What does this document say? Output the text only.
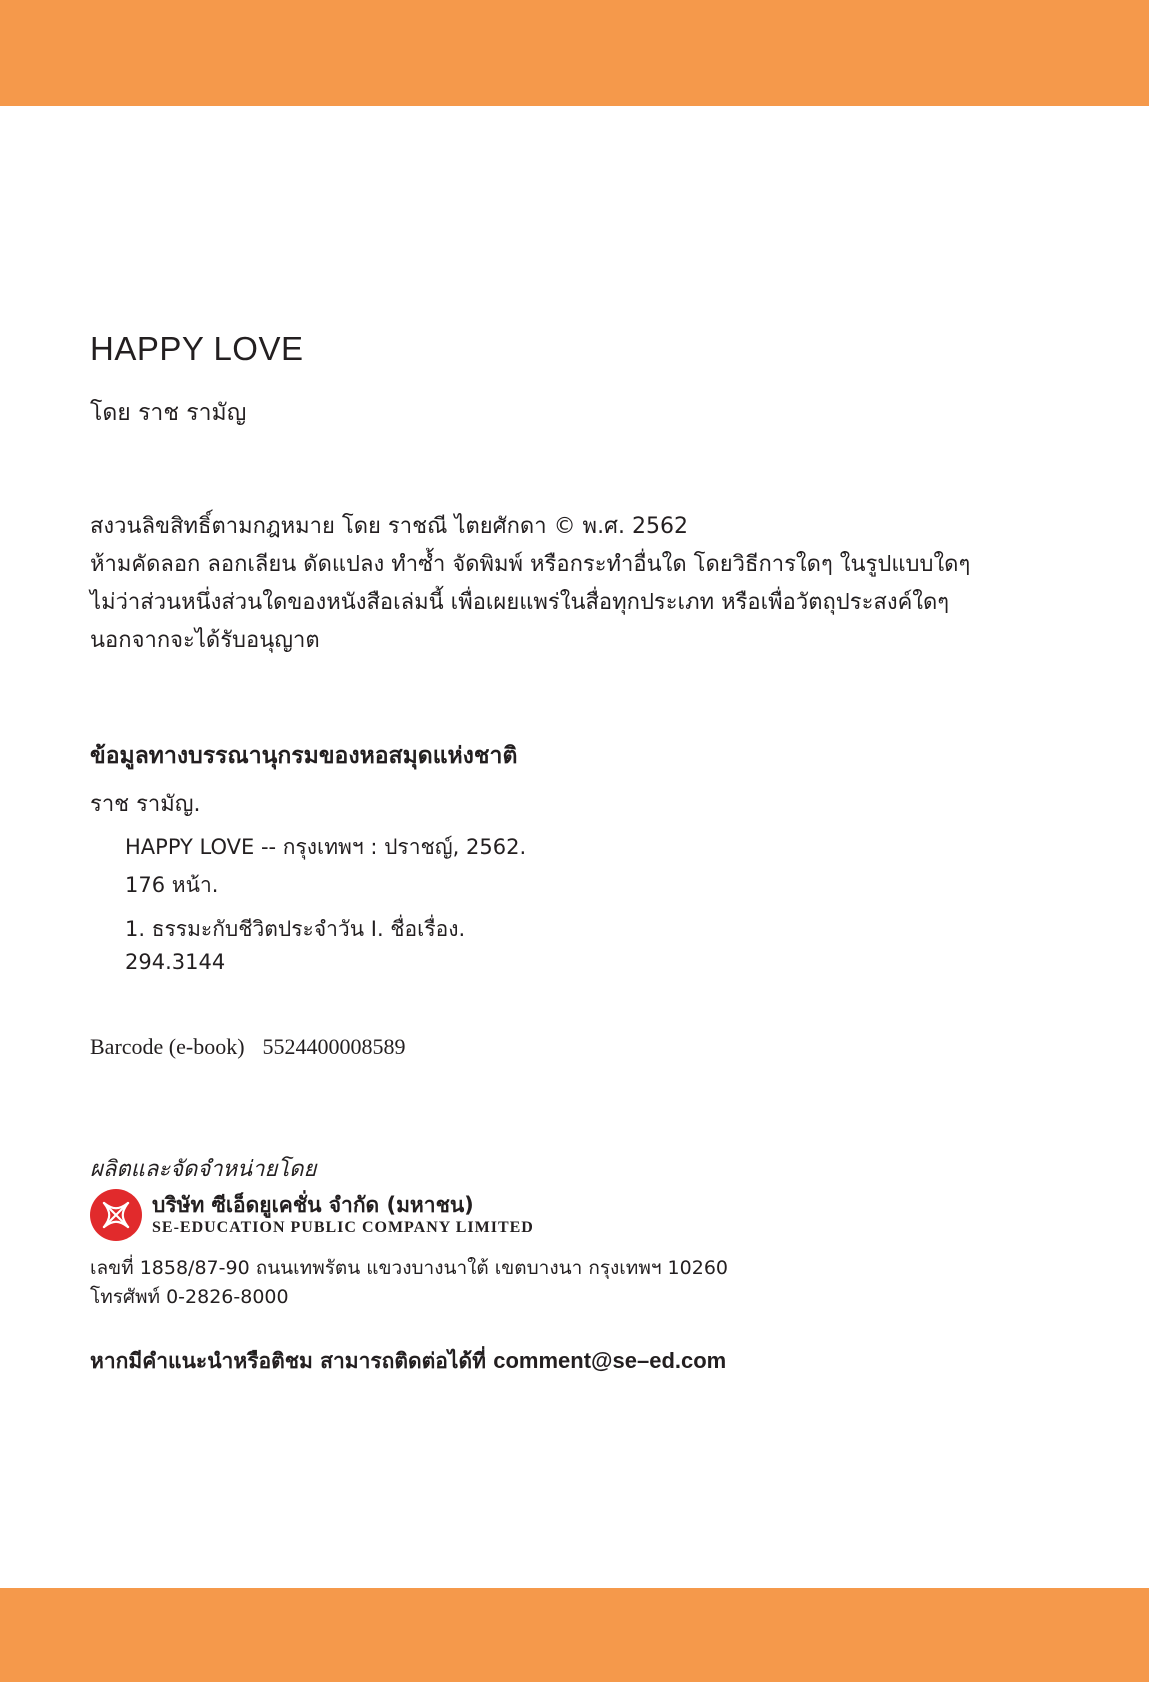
HAPPY LOVE
โดย ราช รามัญ
สงวนลิขสิทธิ์ตามกฎหมาย โดย ราชณี ไตยศักดา © พ.ศ. 2562
ห้ามคัดลอก ลอกเลียน ดัดแปลง ทำซ้ำ จัดพิมพ์ หรือกระทำอื่นใด โดยวิธีการใดๆ ในรูปแบบใดๆ
ไม่ว่าส่วนหนึ่งส่วนใดของหนังสือเล่มนี้ เพื่อเผยแพร่ในสื่อทุกประเภท หรือเพื่อวัตถุประสงค์ใดๆ
นอกจากจะได้รับอนุญาต
ข้อมูลทางบรรณานุกรมของหอสมุดแห่งชาติ
ราช รามัญ.
HAPPY LOVE -- กรุงเทพฯ : ปราชญ์, 2562.
176 หน้า.
1. ธรรมะกับชีวิตประจำวัน I. ชื่อเรื่อง.
294.3144
Barcode (e-book) 5524400008589
ผลิตและจัดจำหน่ายโดย
บริษัท ซีเอ็ดยูเคชั่น จำกัด (มหาชน)
SE-EDUCATION PUBLIC COMPANY LIMITED
เลขที่ 1858/87-90 ถนนเทพรัตน แขวงบางนาใต้ เขตบางนา กรุงเทพฯ 10260
โทรศัพท์ 0-2826-8000
หากมีคำแนะนำหรือติชม สามารถติดต่อได้ที่ comment@se–ed.com
